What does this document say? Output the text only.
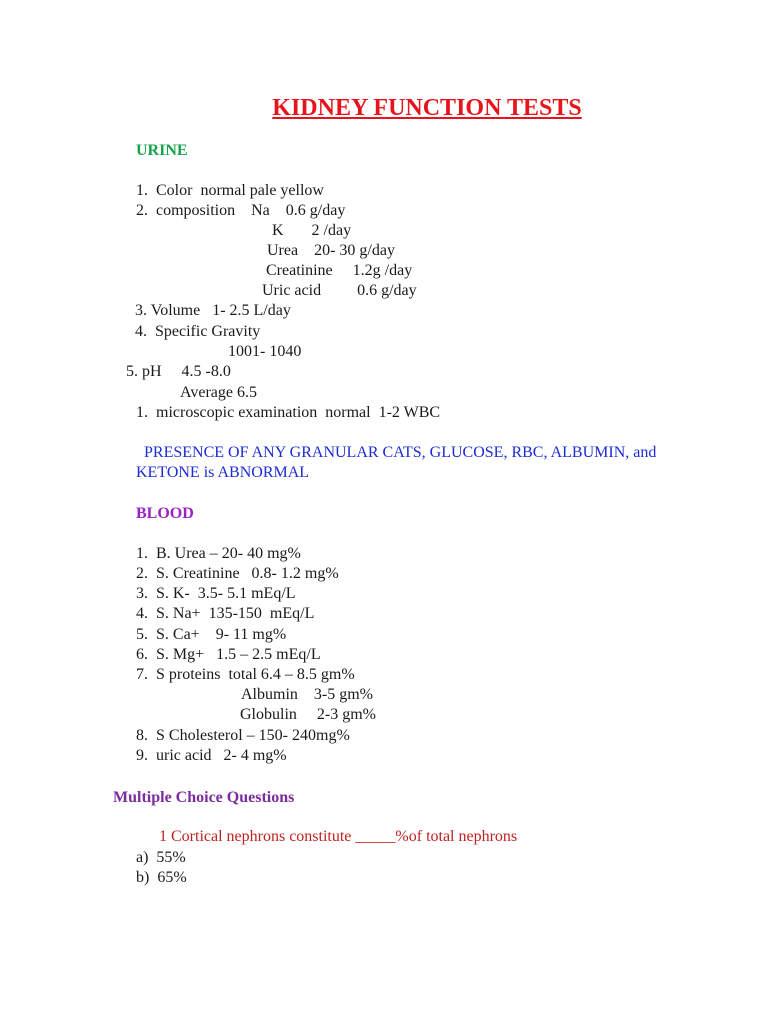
KIDNEY FUNCTION TESTS
URINE
1.  Color  normal pale yellow
2.  composition    Na    0.6 g/day
K       2 /day
Urea    20- 30 g/day
Creatinine     1.2g /day
Uric acid         0.6 g/day
3. Volume   1- 2.5 L/day
4.  Specific Gravity
1001- 1040
5. pH     4.5 -8.0
Average 6.5
1.  microscopic examination  normal  1-2 WBC
PRESENCE OF ANY GRANULAR CATS, GLUCOSE, RBC, ALBUMIN, and
KETONE is ABNORMAL
BLOOD
1.  B. Urea – 20- 40 mg%
2.  S. Creatinine   0.8- 1.2 mg%
3.  S. K-  3.5- 5.1 mEq/L
4.  S. Na+  135-150  mEq/L
5.  S. Ca+    9- 11 mg%
6.  S. Mg+   1.5 – 2.5 mEq/L
7.  S proteins  total 6.4 – 8.5 gm%
Albumin    3-5 gm%
Globulin     2-3 gm%
8.  S Cholesterol – 150- 240mg%
9.  uric acid   2- 4 mg%
Multiple Choice Questions
1 Cortical nephrons constitute _____%of total nephrons
a)  55%
b)  65%
